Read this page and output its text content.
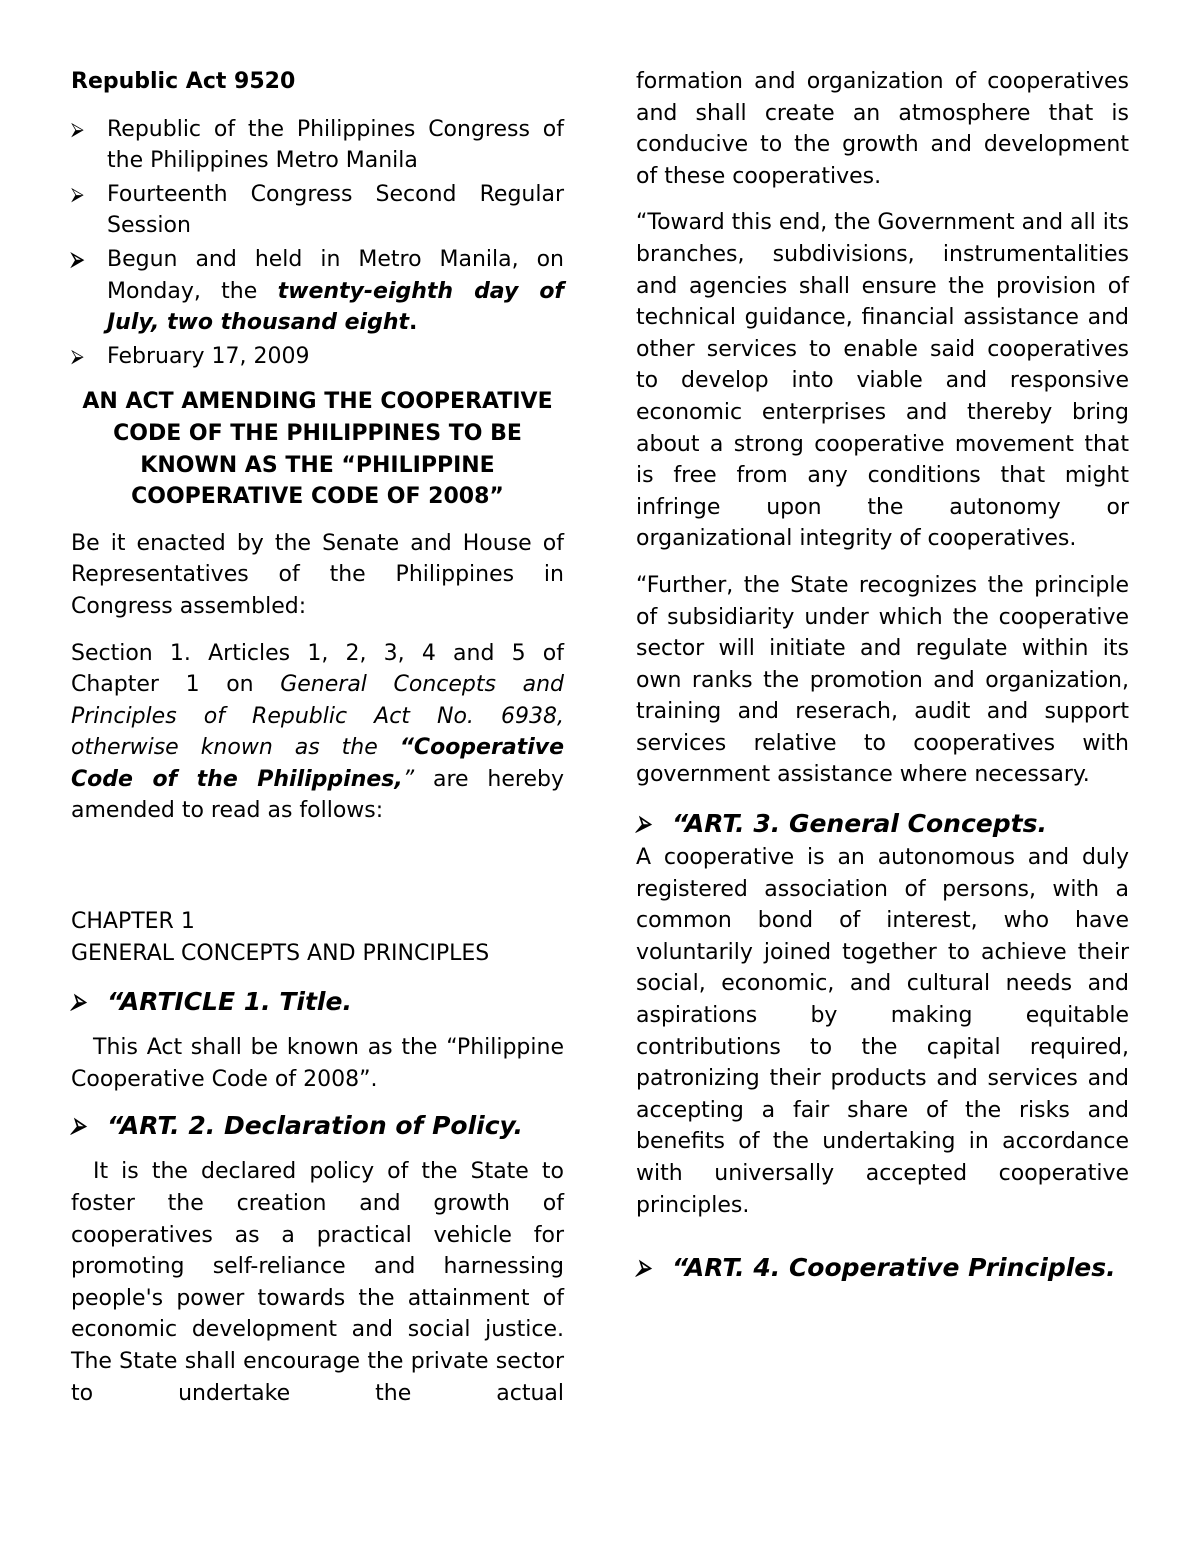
Republic Act 9520

⮚	Republic of the Philippines Congress of the Philippines Metro Manila
⮚	Fourteenth Congress Second Regular Session
⮚	Begun and held in Metro Manila, on Monday, the twenty-eighth day of July, two thousand eight.
⮚	February 17, 2009

AN ACT AMENDING THE COOPERATIVE CODE OF THE PHILIPPINES TO BE KNOWN AS THE “PHILIPPINE COOPERATIVE CODE OF 2008”

Be it enacted by the Senate and House of Representatives of the Philippines in Congress assembled:

Section 1. Articles 1, 2, 3, 4 and 5 of Chapter 1 on General Concepts and Principles of Republic Act No. 6938, otherwise known as the “Cooperative Code of the Philippines,” are hereby amended to read as follows:

CHAPTER 1

GENERAL CONCEPTS AND PRINCIPLES

⮚ “ARTICLE 1. Title.

This Act shall be known as the “Philippine Cooperative Code of 2008”.

⮚ “ART. 2. Declaration of Policy.

It is the declared policy of the State to foster the creation and growth of cooperatives as a practical vehicle for promoting self-reliance and harnessing people's power towards the attainment of economic development and social justice. The State shall encourage the private sector to undertake the actual

formation and organization of cooperatives and shall create an atmosphere that is conducive to the growth and development of these cooperatives.

“Toward this end, the Government and all its branches, subdivisions, instrumentalities and agencies shall ensure the provision of technical guidance, financial assistance and other services to enable said cooperatives to develop into viable and responsive economic enterprises and thereby bring about a strong cooperative movement that is free from any conditions that might infringe upon the autonomy or organizational integrity of cooperatives.

“Further, the State recognizes the principle of subsidiarity under which the cooperative sector will initiate and regulate within its own ranks the promotion and organization, training and reserach, audit and support services relative to cooperatives with government assistance where necessary.

⮚ “ART. 3. General Concepts.

A cooperative is an autonomous and duly registered association of persons, with a common bond of interest, who have voluntarily joined together to achieve their social, economic, and cultural needs and aspirations by making equitable contributions to the capital required, patronizing their products and services and accepting a fair share of the risks and benefits of the undertaking in accordance with universally accepted cooperative principles.

⮚ “ART. 4. Cooperative Principles.
